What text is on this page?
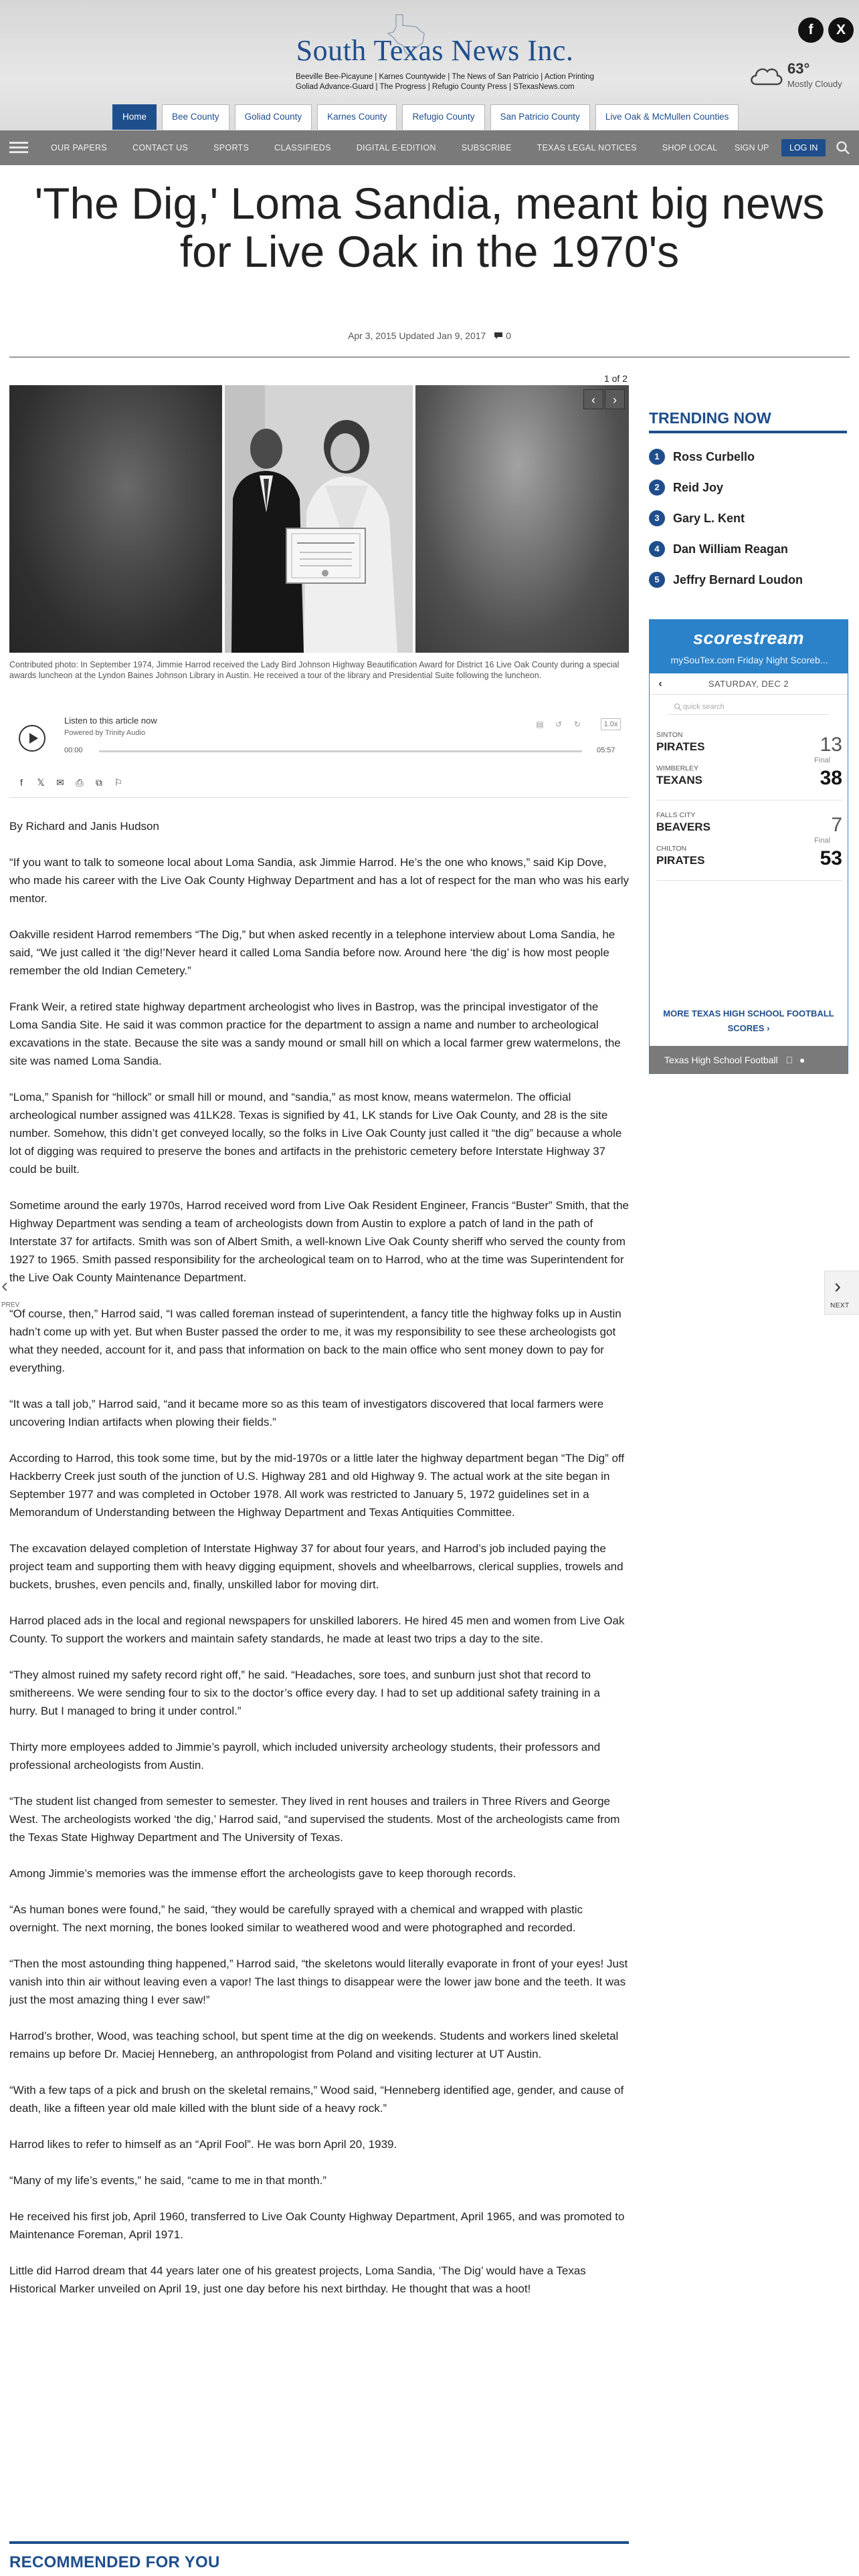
South Texas News Inc.
Beeville Bee-Picayune | Karnes Countywide | The News of San Patricio | Action Printing
Goliad Advance-Guard | The Progress | Refugio County Press | STexasNews.com
f	X
63°
Mostly Cloudy
Home	Bee County	Goliad County	Karnes County	Refugio County	San Patricio County	Live Oak & McMullen Counties
OUR PAPERS	CONTACT US	SPORTS	CLASSIFIEDS	DIGITAL E-EDITION	SUBSCRIBE	TEXAS LEGAL NOTICES	SHOP LOCAL	SIGN UP	LOG IN
'The Dig,' Loma Sandia, meant big news for Live Oak in the 1970's
Apr 3, 2015 Updated Jan 9, 2017 0
1 of 2
‹	›
Contributed photo: In September 1974, Jimmie Harrod received the Lady Bird Johnson Highway Beautification Award for District 16 Live Oak County during a special awards luncheon at the Lyndon Baines Johnson Library in Austin. He received a tour of the library and Presidential Suite following the luncheon.
Listen to this article now
Powered by Trinity Audio
00:00	05:57
▤	↺	↻	1.0x
f	𝕏 ✉ ⎙ ⧉ ⚐

By Richard and Janis Hudson

“If you want to talk to someone local about Loma Sandia, ask Jimmie Harrod. He’s the one who knows,” said Kip Dove, who made his career with the Live Oak County Highway Department and has a lot of respect for the man who was his early mentor.

Oakville resident Harrod remembers “The Dig,” but when asked recently in a telephone interview about Loma Sandia, he said, “We just called it ‘the dig!’Never heard it called Loma Sandia before now. Around here ‘the dig’ is how most people remember the old Indian Cemetery.”

Frank Weir, a retired state highway department archeologist who lives in Bastrop, was the principal investigator of the Loma Sandia Site. He said it was common practice for the department to assign a name and number to archeological excavations in the state. Because the site was a sandy mound or small hill on which a local farmer grew watermelons, the site was named Loma Sandia.

“Loma,” Spanish for “hillock” or small hill or mound, and “sandia,” as most know, means watermelon. The official archeological number assigned was 41LK28. Texas is signified by 41, LK stands for Live Oak County, and 28 is the site number. Somehow, this didn’t get conveyed locally, so the folks in Live Oak County just called it “the dig” because a whole lot of digging was required to preserve the bones and artifacts in the prehistoric cemetery before Interstate Highway 37 could be built.

Sometime around the early 1970s, Harrod received word from Live Oak Resident Engineer, Francis “Buster” Smith, that the Highway Department was sending a team of archeologists down from Austin to explore a patch of land in the path of Interstate 37 for artifacts. Smith was son of Albert Smith, a well-known Live Oak County sheriff who served the county from 1927 to 1965. Smith passed responsibility for the archeological team on to Harrod, who at the time was Superintendent for the Live Oak County Maintenance Department.

“Of course, then,” Harrod said, “I was called foreman instead of superintendent, a fancy title the highway folks up in Austin hadn’t come up with yet. But when Buster passed the order to me, it was my responsibility to see these archeologists got what they needed, account for it, and pass that information on back to the main office who sent money down to pay for everything.

“It was a tall job,” Harrod said, “and it became more so as this team of investigators discovered that local farmers were uncovering Indian artifacts when plowing their fields.”

According to Harrod, this took some time, but by the mid-1970s or a little later the highway department began “The Dig” off Hackberry Creek just south of the junction of U.S. Highway 281 and old Highway 9. The actual work at the site began in September 1977 and was completed in October 1978. All work was restricted to January 5, 1972 guidelines set in a Memorandum of Understanding between the Highway Department and Texas Antiquities Committee.

The excavation delayed completion of Interstate Highway 37 for about four years, and Harrod’s job included paying the project team and supporting them with heavy digging equipment, shovels and wheelbarrows, clerical supplies, trowels and buckets, brushes, even pencils and, finally, unskilled labor for moving dirt.

Harrod placed ads in the local and regional newspapers for unskilled laborers. He hired 45 men and women from Live Oak County. To support the workers and maintain safety standards, he made at least two trips a day to the site.

“They almost ruined my safety record right off,” he said. “Headaches, sore toes, and sunburn just shot that record to smithereens. We were sending four to six to the doctor’s office every day. I had to set up additional safety training in a hurry. But I managed to bring it under control.”

Thirty more employees added to Jimmie’s payroll, which included university archeology students, their professors and professional archeologists from Austin.

“The student list changed from semester to semester. They lived in rent houses and trailers in Three Rivers and George West. The archeologists worked ‘the dig,’ Harrod said, “and supervised the students. Most of the archeologists came from the Texas State Highway Department and The University of Texas.

Among Jimmie’s memories was the immense effort the archeologists gave to keep thorough records.

“As human bones were found,” he said, “they would be carefully sprayed with a chemical and wrapped with plastic overnight. The next morning, the bones looked similar to weathered wood and were photographed and recorded.

“Then the most astounding thing happened,” Harrod said, “the skeletons would literally evaporate in front of your eyes! Just vanish into thin air without leaving even a vapor! The last things to disappear were the lower jaw bone and the teeth. It was just the most amazing thing I ever saw!”

Harrod’s brother, Wood, was teaching school, but spent time at the dig on weekends. Students and workers lined skeletal remains up before Dr. Maciej Henneberg, an anthropologist from Poland and visiting lecturer at UT Austin.

“With a few taps of a pick and brush on the skeletal remains,” Wood said, “Henneberg identified age, gender, and cause of death, like a fifteen year old male killed with the blunt side of a heavy rock.”

Harrod likes to refer to himself as an “April Fool”. He was born April 20, 1939.

“Many of my life’s events,” he said, “came to me in that month.”

He received his first job, April 1960, transferred to Live Oak County Highway Department, April 1965, and was promoted to Maintenance Foreman, April 1971.

Little did Harrod dream that 44 years later one of his greatest projects, Loma Sandia, ‘The Dig’ would have a Texas Historical Marker unveiled on April 19, just one day before his next birthday. He thought that was a hoot!

TRENDING NOW
1	Ross Curbello
2	Reid Joy
3	Gary L. Kent
4	Dan William Reagan
5	Jeffry Bernard Loudon
scorestream
mySouTex.com Friday Night Scoreb...
SATURDAY, DEC 2
‹
quick search
SINTON
PIRATES	13
Final
WIMBERLEY
TEXANS	38
FALLS CITY
BEAVERS	7
Final
CHILTON
PIRATES	53
MORE TEXAS HIGH SCHOOL FOOTBALL SCORES ›
Texas High School Football ●
‹
PREV
›
NEXT
RECOMMENDED FOR YOU
